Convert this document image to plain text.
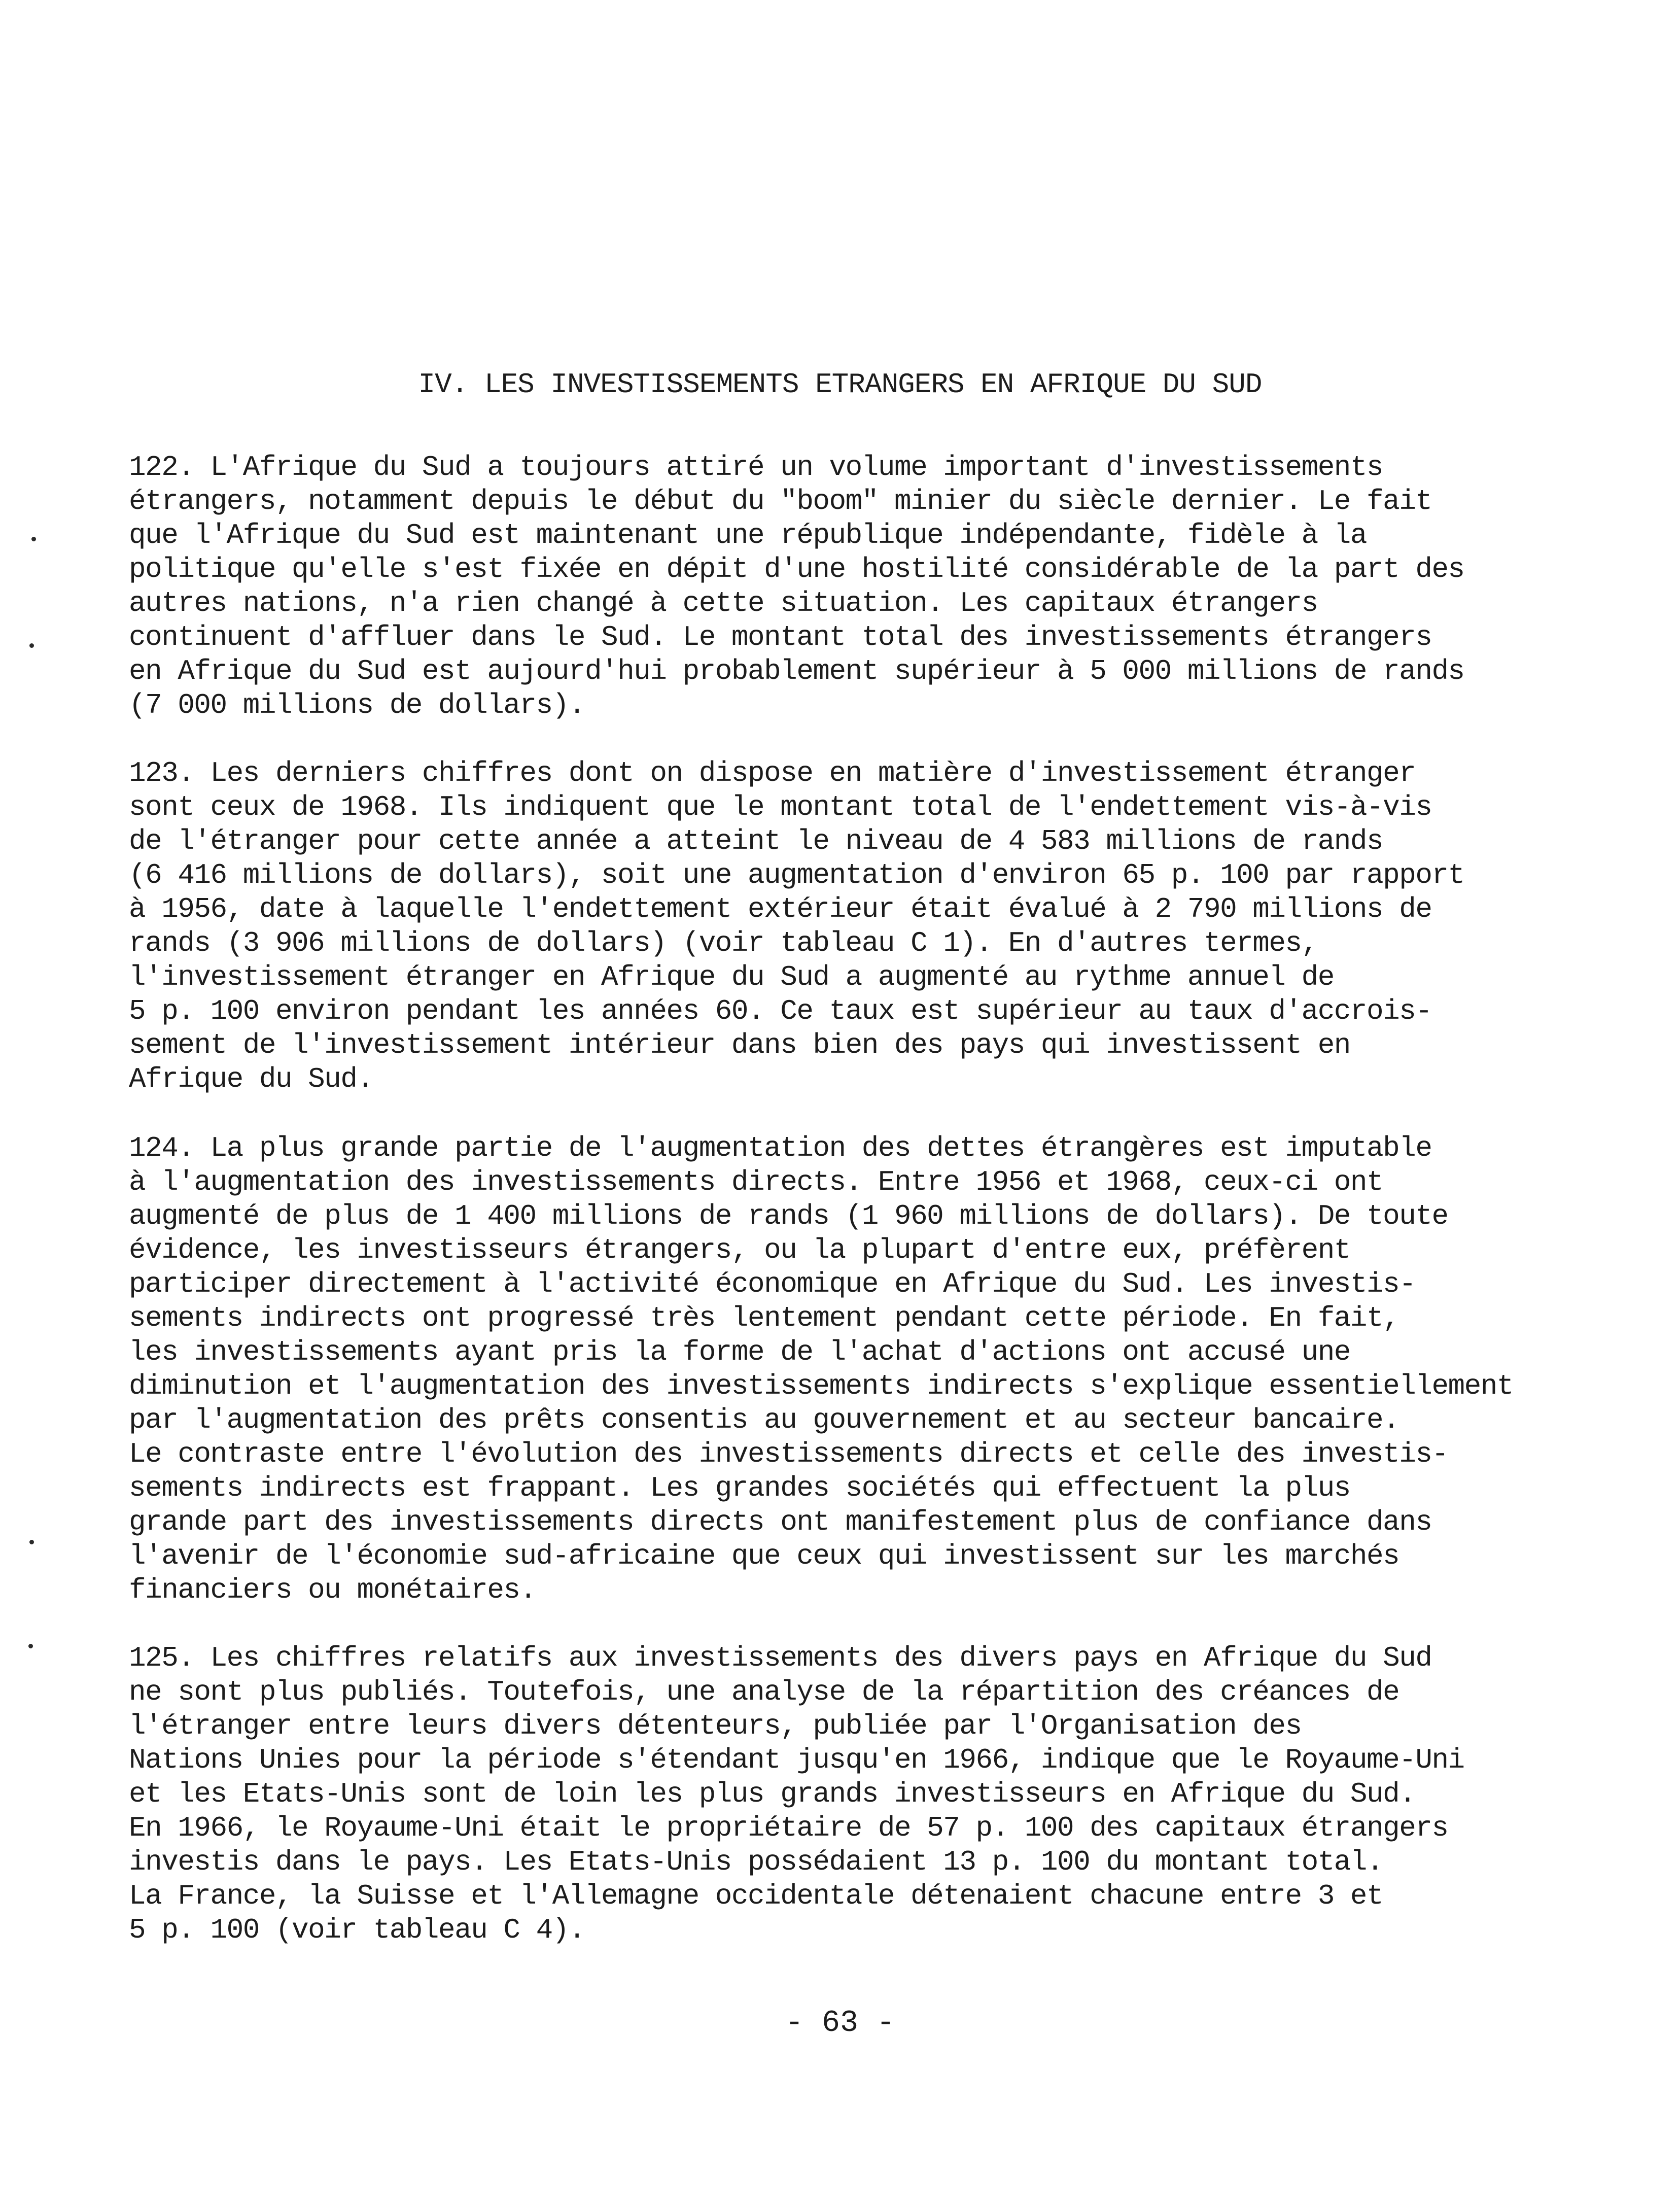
IV. LES INVESTISSEMENTS ETRANGERS EN AFRIQUE DU SUD
122. L'Afrique du Sud a toujours attiré un volume important d'investissements
étrangers, notamment depuis le début du "boom" minier du siècle dernier. Le fait
que l'Afrique du Sud est maintenant une république indépendante, fidèle à la
politique qu'elle s'est fixée en dépit d'une hostilité considérable de la part des
autres nations, n'a rien changé à cette situation. Les capitaux étrangers
continuent d'affluer dans le Sud. Le montant total des investissements étrangers
en Afrique du Sud est aujourd'hui probablement supérieur à 5 000 millions de rands
(7 000 millions de dollars).
123. Les derniers chiffres dont on dispose en matière d'investissement étranger
sont ceux de 1968. Ils indiquent que le montant total de l'endettement vis-à-vis
de l'étranger pour cette année a atteint le niveau de 4 583 millions de rands
(6 416 millions de dollars), soit une augmentation d'environ 65 p. 100 par rapport
à 1956, date à laquelle l'endettement extérieur était évalué à 2 790 millions de
rands (3 906 millions de dollars) (voir tableau C 1). En d'autres termes,
l'investissement étranger en Afrique du Sud a augmenté au rythme annuel de
5 p. 100 environ pendant les années 60. Ce taux est supérieur au taux d'accrois-
sement de l'investissement intérieur dans bien des pays qui investissent en
Afrique du Sud.
124. La plus grande partie de l'augmentation des dettes étrangères est imputable
à l'augmentation des investissements directs. Entre 1956 et 1968, ceux-ci ont
augmenté de plus de 1 400 millions de rands (1 960 millions de dollars). De toute
évidence, les investisseurs étrangers, ou la plupart d'entre eux, préfèrent
participer directement à l'activité économique en Afrique du Sud. Les investis-
sements indirects ont progressé très lentement pendant cette période. En fait,
les investissements ayant pris la forme de l'achat d'actions ont accusé une
diminution et l'augmentation des investissements indirects s'explique essentiellement
par l'augmentation des prêts consentis au gouvernement et au secteur bancaire.
Le contraste entre l'évolution des investissements directs et celle des investis-
sements indirects est frappant. Les grandes sociétés qui effectuent la plus
grande part des investissements directs ont manifestement plus de confiance dans
l'avenir de l'économie sud-africaine que ceux qui investissent sur les marchés
financiers ou monétaires.
125. Les chiffres relatifs aux investissements des divers pays en Afrique du Sud
ne sont plus publiés. Toutefois, une analyse de la répartition des créances de
l'étranger entre leurs divers détenteurs, publiée par l'Organisation des
Nations Unies pour la période s'étendant jusqu'en 1966, indique que le Royaume-Uni
et les Etats-Unis sont de loin les plus grands investisseurs en Afrique du Sud.
En 1966, le Royaume-Uni était le propriétaire de 57 p. 100 des capitaux étrangers
investis dans le pays. Les Etats-Unis possédaient 13 p. 100 du montant total.
La France, la Suisse et l'Allemagne occidentale détenaient chacune entre 3 et
5 p. 100 (voir tableau C 4).
- 63 -
